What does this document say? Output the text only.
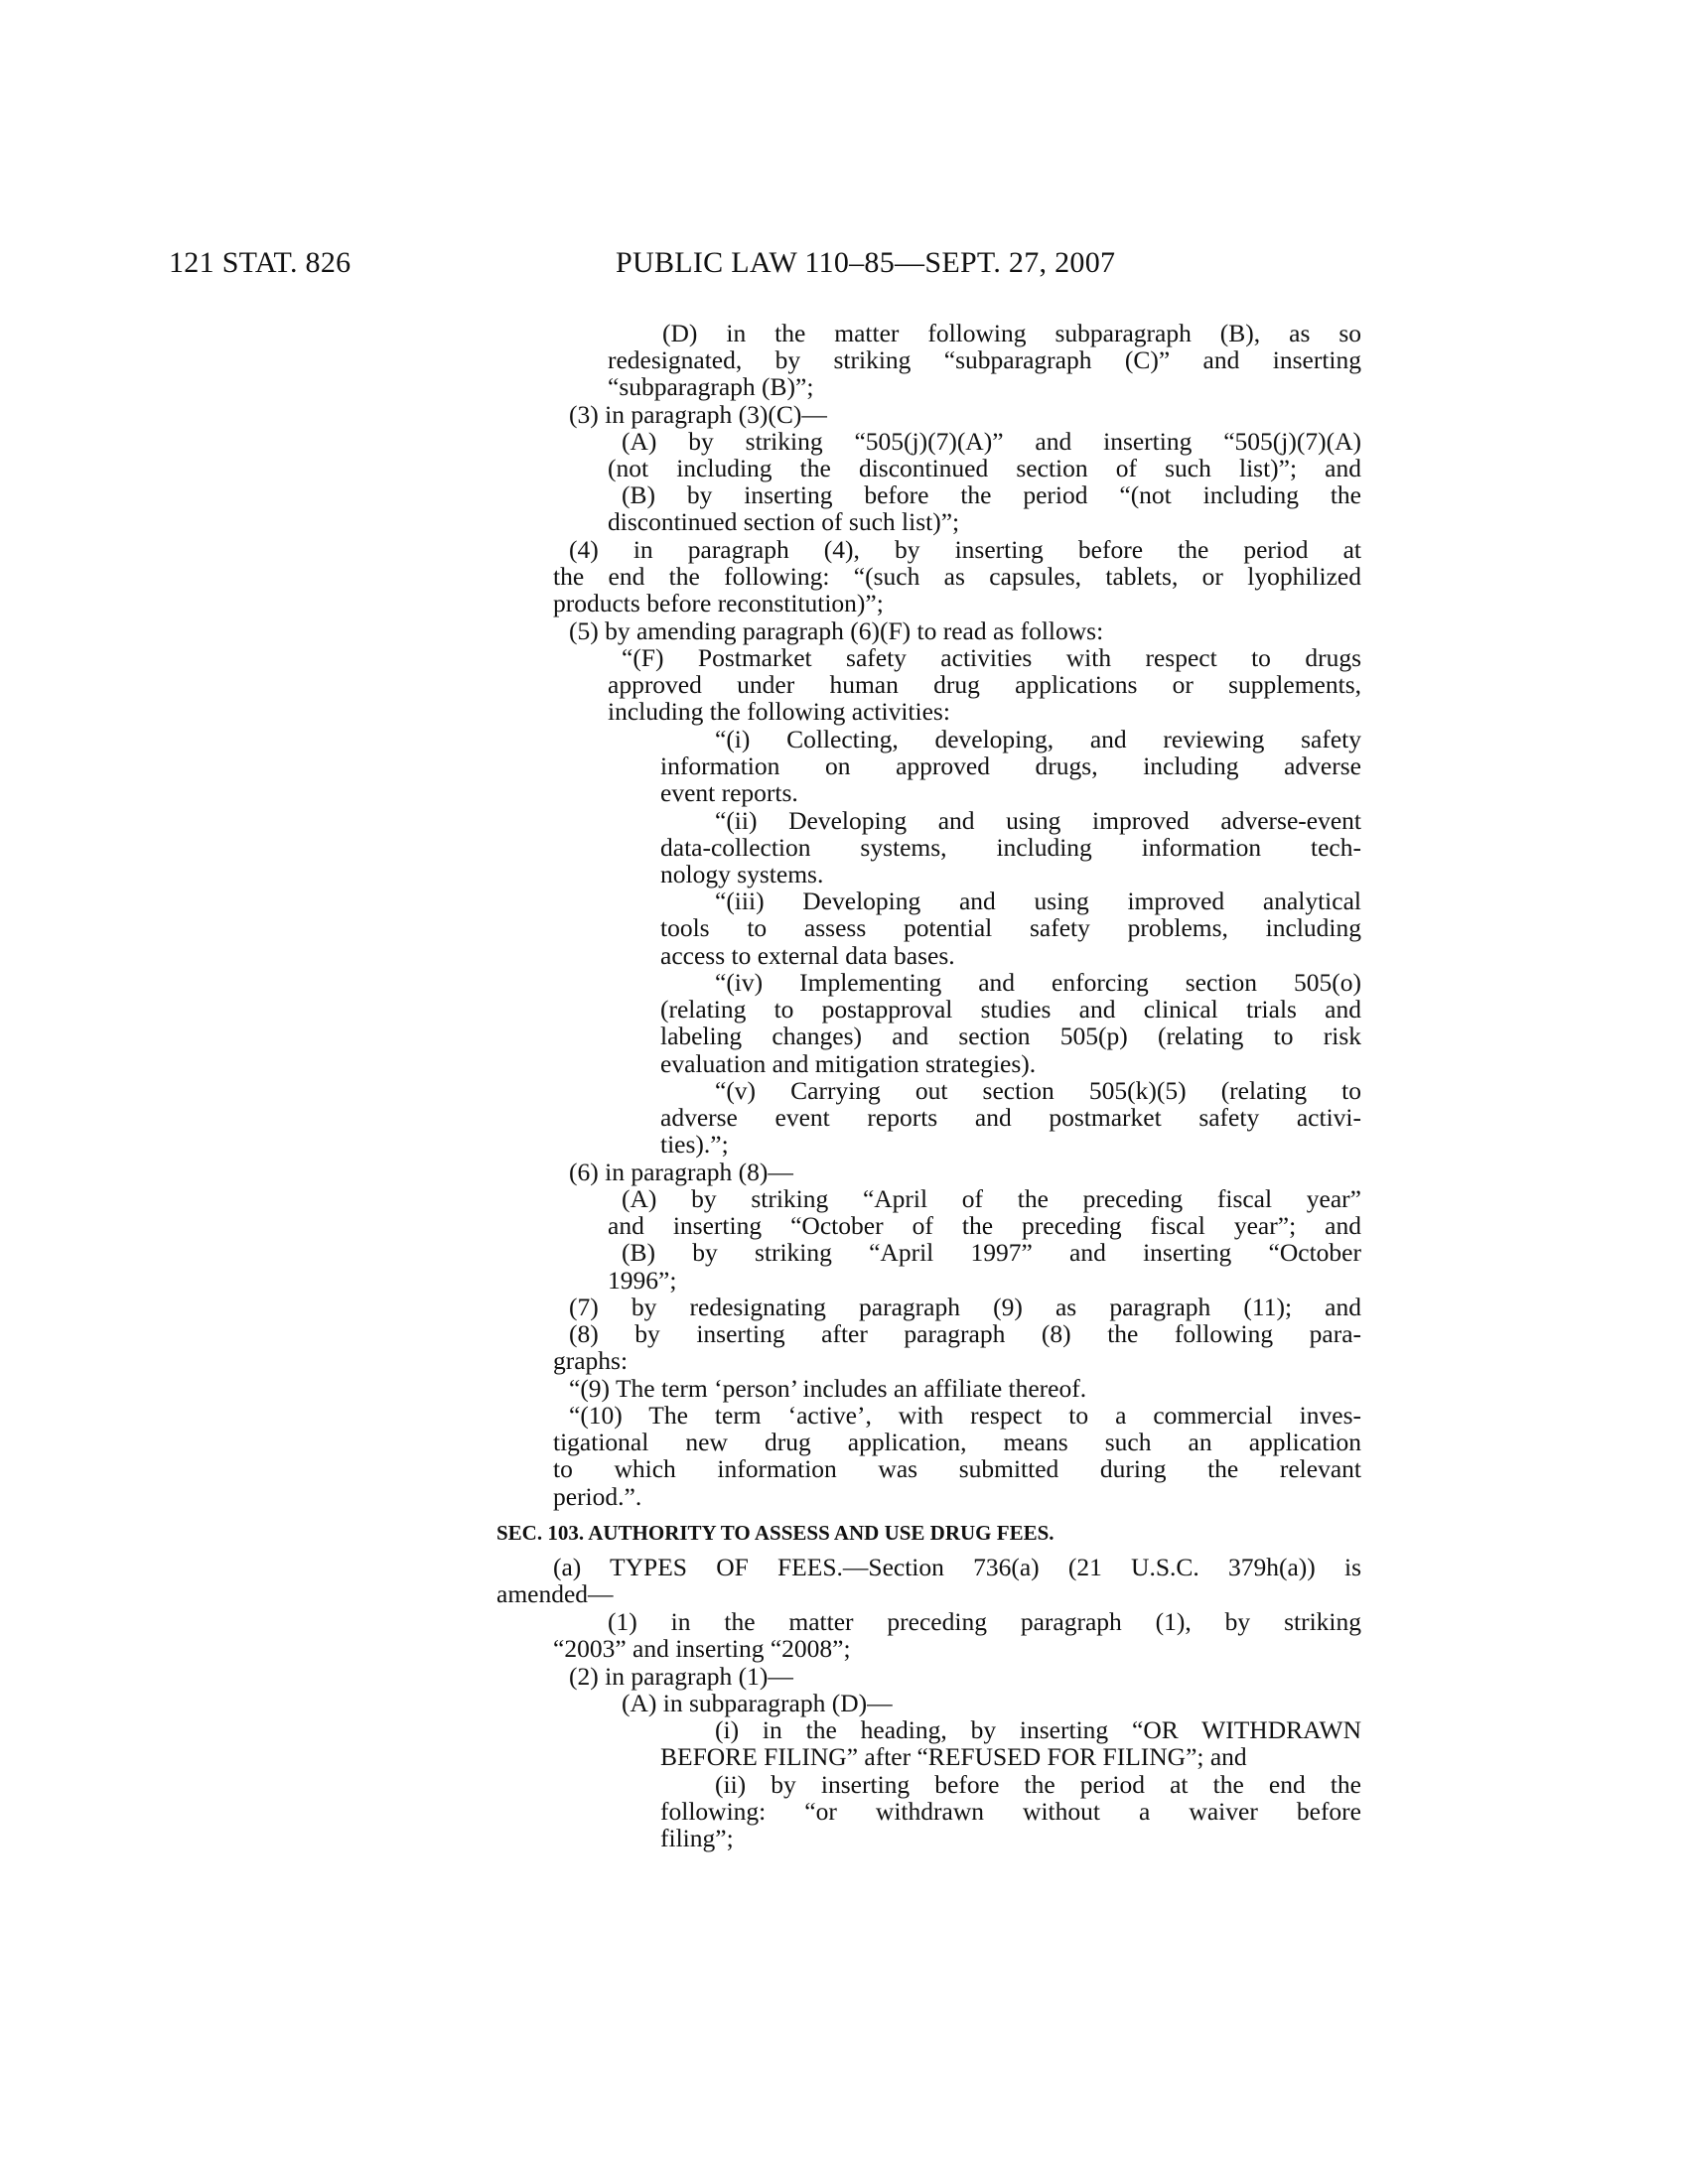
121 STAT. 826	PUBLIC LAW 110–85—SEPT. 27, 2007
(D) in the matter following subparagraph (B), as so
redesignated, by striking “subparagraph (C)” and inserting
“subparagraph (B)”;
(3) in paragraph (3)(C)—
(A) by striking “505(j)(7)(A)” and inserting “505(j)(7)(A)
(not including the discontinued section of such list)”; and
(B) by inserting before the period “(not including the
discontinued section of such list)”;
(4) in paragraph (4), by inserting before the period at
the end the following: “(such as capsules, tablets, or lyophilized
products before reconstitution)”;
(5) by amending paragraph (6)(F) to read as follows:
“(F) Postmarket safety activities with respect to drugs
approved under human drug applications or supplements,
including the following activities:
“(i) Collecting, developing, and reviewing safety
information on approved drugs, including adverse
event reports.
“(ii) Developing and using improved adverse-event
data-collection systems, including information tech-
nology systems.
“(iii) Developing and using improved analytical
tools to assess potential safety problems, including
access to external data bases.
“(iv) Implementing and enforcing section 505(o)
(relating to postapproval studies and clinical trials and
labeling changes) and section 505(p) (relating to risk
evaluation and mitigation strategies).
“(v) Carrying out section 505(k)(5) (relating to
adverse event reports and postmarket safety activi-
ties).”;
(6) in paragraph (8)—
(A) by striking “April of the preceding fiscal year”
and inserting “October of the preceding fiscal year”; and
(B) by striking “April 1997” and inserting “October
1996”;
(7) by redesignating paragraph (9) as paragraph (11); and
(8) by inserting after paragraph (8) the following para-
graphs:
“(9) The term ‘person’ includes an affiliate thereof.
“(10) The term ‘active’, with respect to a commercial inves-
tigational new drug application, means such an application
to which information was submitted during the relevant
period.”.
SEC. 103. AUTHORITY TO ASSESS AND USE DRUG FEES.
(a) TYPES OF FEES.—Section 736(a) (21 U.S.C. 379h(a)) is
amended—
(1) in the matter preceding paragraph (1), by striking
“2003” and inserting “2008”;
(2) in paragraph (1)—
(A) in subparagraph (D)—
(i) in the heading, by inserting “OR WITHDRAWN
BEFORE FILING” after “REFUSED FOR FILING”; and
(ii) by inserting before the period at the end the
following: “or withdrawn without a waiver before
filing”;
